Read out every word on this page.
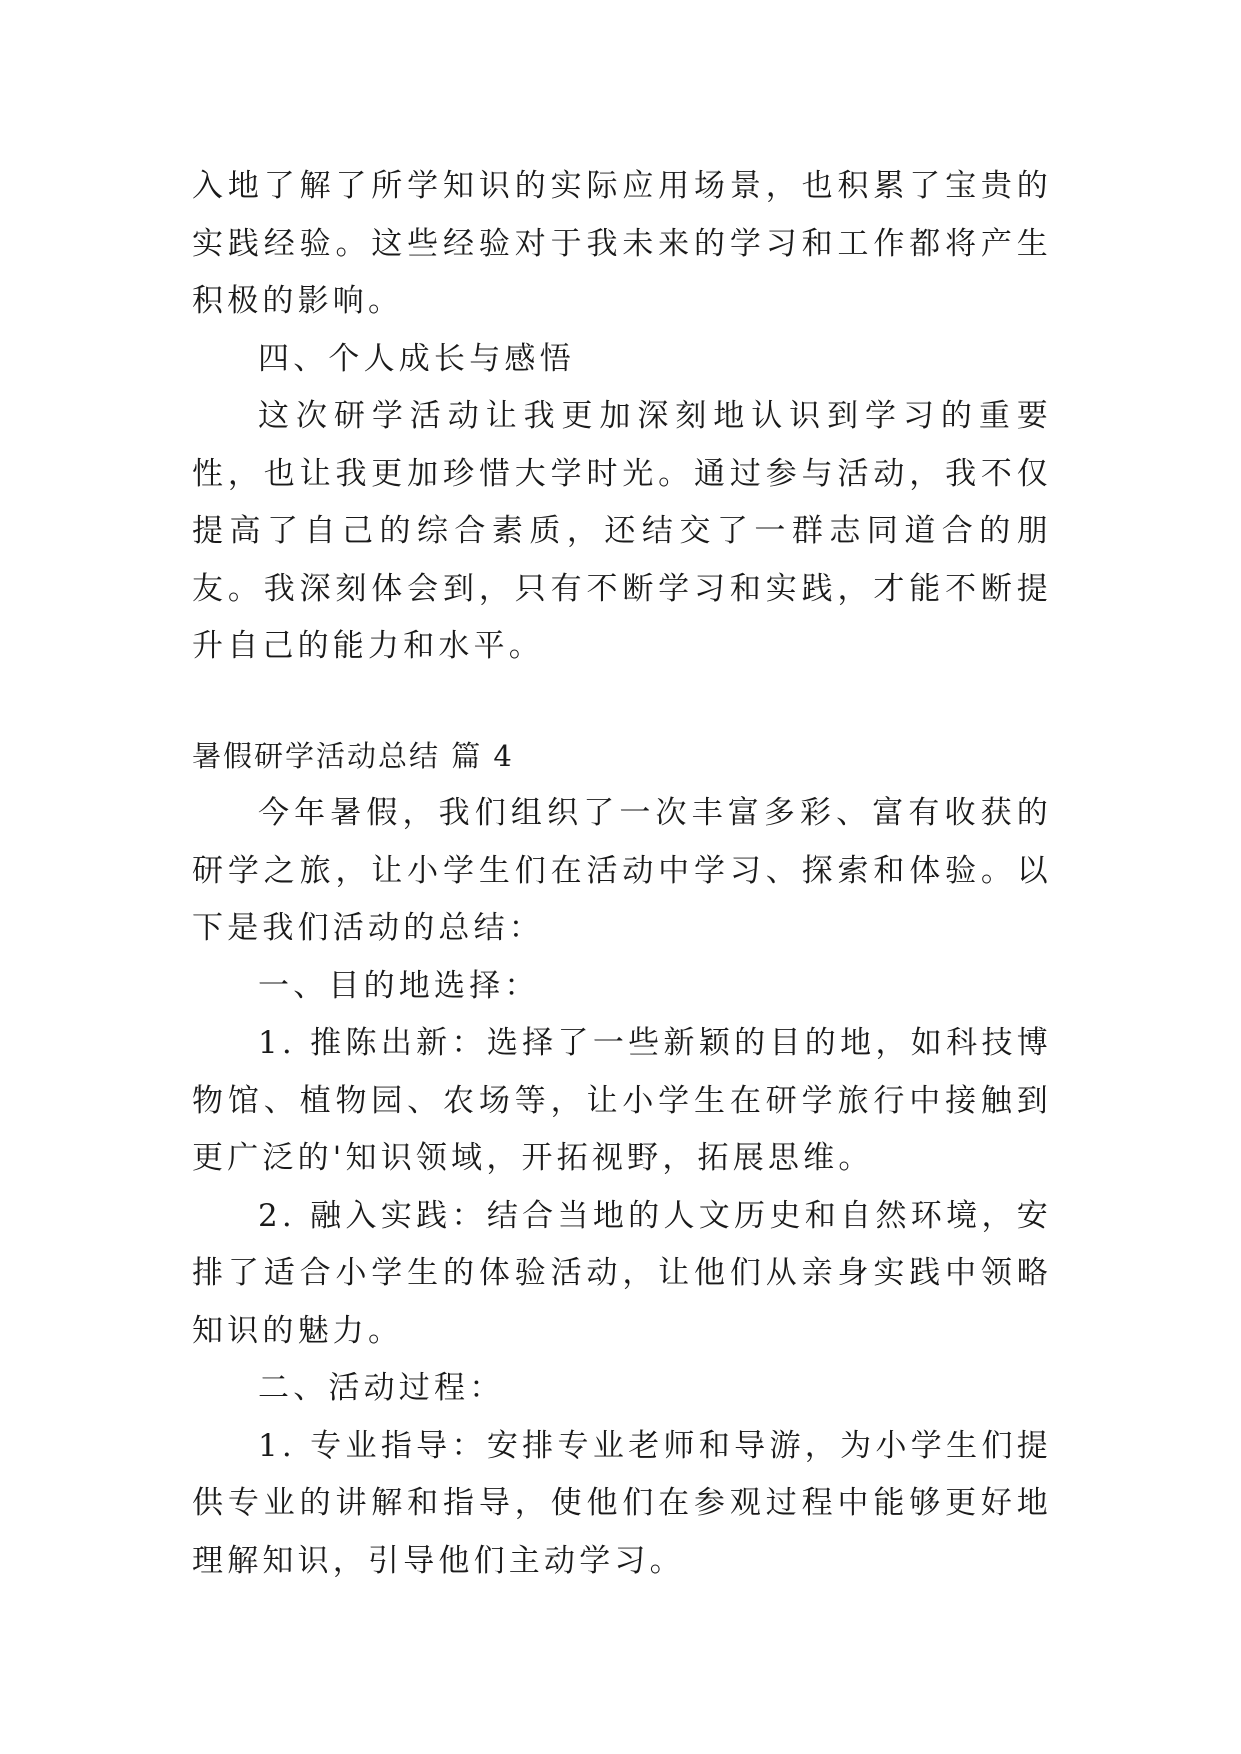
入地了解了所学知识的实际应用场景，也积累了宝贵的实践经验。这些经验对于我未来的学习和工作都将产生积极的影响。

四、个人成长与感悟

这次研学活动让我更加深刻地认识到学习的重要性，也让我更加珍惜大学时光。通过参与活动，我不仅提高了自己的综合素质，还结交了一群志同道合的朋友。我深刻体会到，只有不断学习和实践，才能不断提升自己的能力和水平。

暑假研学活动总结 篇 4

今年暑假，我们组织了一次丰富多彩、富有收获的研学之旅，让小学生们在活动中学习、探索和体验。以下是我们活动的总结：

一、目的地选择：

1. 推陈出新：选择了一些新颖的目的地，如科技博物馆、植物园、农场等，让小学生在研学旅行中接触到更广泛的'知识领域，开拓视野，拓展思维。

2. 融入实践：结合当地的人文历史和自然环境，安排了适合小学生的体验活动，让他们从亲身实践中领略知识的魅力。

二、活动过程：

1. 专业指导：安排专业老师和导游，为小学生们提供专业的讲解和指导，使他们在参观过程中能够更好地理解知识，引导他们主动学习。
